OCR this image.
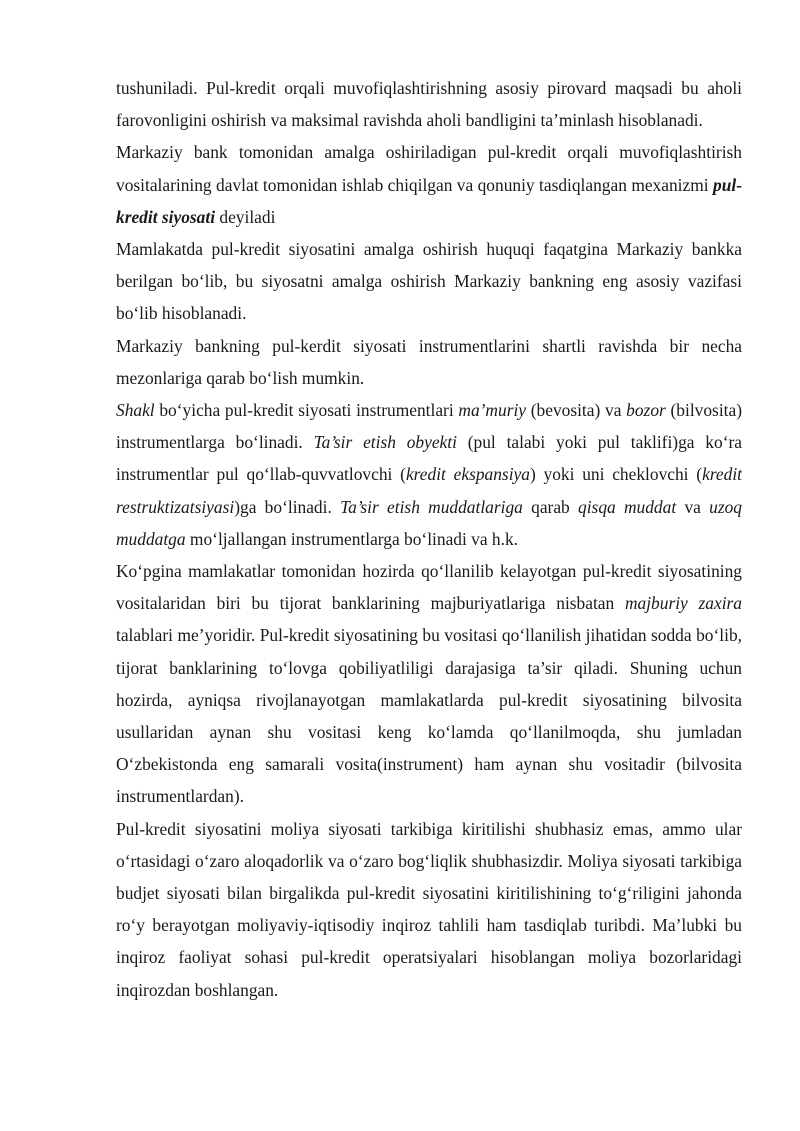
tushuniladi. Pul-kredit orqali muvofiqlashtirishning asosiy pirovard maqsadi bu aholi farovonligini oshirish va maksimal ravishda aholi bandligini ta’minlash hisoblanadi.

Markaziy bank tomonidan amalga oshiriladigan pul-kredit orqali muvofiqlashtirish vositalarining davlat tomonidan ishlab chiqilgan va qonuniy tasdiqlangan mexanizmi pul-kredit siyosati deyiladi

Mamlakatda pul-kredit siyosatini amalga oshirish huquqi faqatgina Markaziy bankka berilgan bo‘lib, bu siyosatni amalga oshirish Markaziy bankning eng asosiy vazifasi bo‘lib hisoblanadi.

Markaziy bankning pul-kerdit siyosati instrumentlarini shartli ravishda bir necha mezonlariga qarab bo‘lish mumkin.

Shakl bo‘yicha pul-kredit siyosati instrumentlari ma’muriy (bevosita) va bozor (bilvosita) instrumentlarga bo‘linadi. Ta’sir etish obyekti (pul talabi yoki pul taklifi)ga ko‘ra instrumentlar pul qo‘llab-quvvatlovchi (kredit ekspansiya) yoki uni cheklovchi (kredit restruktizatsiyasi)ga bo‘linadi. Ta’sir etish muddatlariga qarab qisqa muddat va uzoq muddatga mo‘ljallangan instrumentlarga bo‘linadi va h.k.

Ko‘pgina mamlakatlar tomonidan hozirda qo‘llanilib kelayotgan pul-kredit siyosatining vositalaridan biri bu tijorat banklarining majburiyatlariga nisbatan majburiy zaxira talablari me’yoridir. Pul-kredit siyosatining bu vositasi qo‘llanilish jihatidan sodda bo‘lib, tijorat banklarining to‘lovga qobiliyatliligi darajasiga ta’sir qiladi. Shuning uchun hozirda, ayniqsa rivojlanayotgan mamlakatlarda pul-kredit siyosatining bilvosita usullaridan aynan shu vositasi keng ko‘lamda qo‘llanilmoqda, shu jumladan O‘zbekistonda eng samarali vosita(instrument) ham aynan shu vositadir (bilvosita instrumentlardan).

Pul-kredit siyosatini moliya siyosati tarkibiga kiritilishi shubhasiz emas, ammo ular o‘rtasidagi o‘zaro aloqadorlik va o‘zaro bog‘liqlik shubhasizdir. Moliya siyosati tarkibiga budjet siyosati bilan birgalikda pul-kredit siyosatini kiritilishining to‘g‘riligini jahonda ro‘y berayotgan moliyaviy-iqtisodiy inqiroz tahlili ham tasdiqlab turibdi. Ma’lubki bu inqiroz faoliyat sohasi pul-kredit operatsiyalari hisoblangan moliya bozorlaridagi inqirozdan boshlangan.
